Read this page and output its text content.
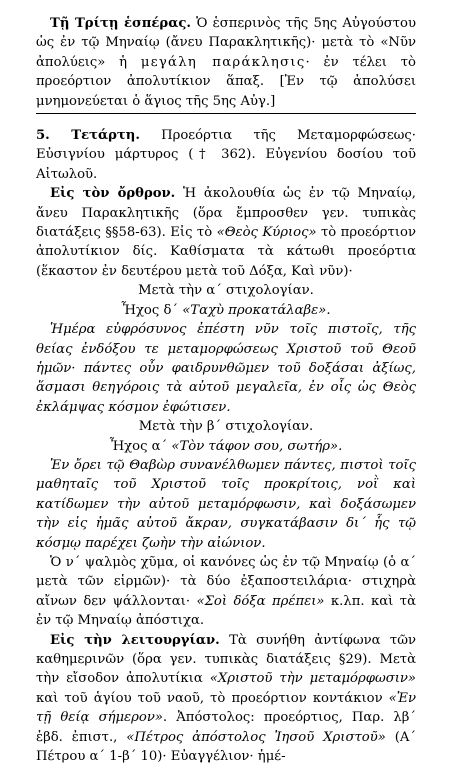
Τῇ Τρίτῃ ἑσπέρας. Ὁ ἑσπερινὸς τῆς 5ης Αὐγούστου ὡς ἐν τῷ Μηναίῳ (ἄνευ Παρακλητικῆς)· μετὰ τὸ «Νῦν ἀπολύεις» ἡ μεγάλη παράκλησις· ἐν τέλει τὸ προεόρτιον ἀπολυτίκιον ἅπαξ. [Ἐν τῷ ἀπολύσει μνημονεύεται ὁ ἅγιος τῆς 5ης Αὐγ.]

5. Τετάρτη. Προεόρτια τῆς Μεταμορφώσεως· Εὐσιγνίου μάρτυρος († 362). Εὐγενίου δοσίου τοῦ Αἰτωλοῦ.

Εἰς τὸν ὄρθρον. Ἡ ἀκολουθία ὡς ἐν τῷ Μηναίῳ, ἄνευ Παρακλητικῆς (ὅρα ἔμπροσθεν γεν. τυπικὰς διατάξεις §§58-63). Εἰς τὸ «Θεὸς Κύριος» τὸ προεόρτιον ἀπολυτίκιον δίς. Καθίσματα τὰ κάτωθι προεόρτια (ἕκαστον ἐν δευτέρου μετὰ τοῦ Δόξα, Καὶ νῦν)·

Μετὰ τὴν α΄ στιχολογίαν.

Ἦχος δ΄ «Ταχὺ προκατάλαβε».

Ἡμέρα εὐφρόσυνος ἐπέστη νῦν τοῖς πιστοῖς, τῆς θείας ἐνδόξου τε μεταμορφώσεως Χριστοῦ τοῦ Θεοῦ ἡμῶν· πάντες οὖν φαιδρυνθῶμεν τοῦ δοξάσαι ἀξίως, ἅσμασι θεηγόροις τὰ αὐτοῦ μεγαλεῖα, ἐν οἷς ὡς Θεὸς ἐκλάμψας κόσμον ἐφώτισεν.

Μετὰ τὴν β΄ στιχολογίαν.

Ἦχος α΄ «Τὸν τάφον σου, σωτήρ».

Ἐν ὄρει τῷ Θαβὼρ συνανέλθωμεν πάντες, πιστοὶ τοῖς μαθηταῖς τοῦ Χριστοῦ τοῖς προκρίτοις, νοῒ καὶ κατίδωμεν τὴν αὐτοῦ μεταμόρφωσιν, καὶ δοξάσωμεν τὴν εἰς ἡμᾶς αὐτοῦ ἄκραν, συγκατάβασιν δι΄ ἧς τῷ κόσμῳ παρέχει ζωὴν τὴν αἰώνιον.

Ὁ ν΄ ψαλμὸς χῦμα, οἱ κανόνες ὡς ἐν τῷ Μηναίῳ (ὁ α΄ μετὰ τῶν εἱρμῶν)· τὰ δύο ἐξαποστειλάρια· στιχηρὰ αἴνων δεν ψάλλονται· «Σοὶ δόξα πρέπει» κ.λπ. καὶ τὰ ἐν τῷ Μηναίῳ ἀπόστιχα.

Εἰς τὴν λειτουργίαν. Τὰ συνήθη ἀντίφωνα τῶν καθημερινῶν (ὅρα γεν. τυπικὰς διατάξεις §29). Μετὰ τὴν εἴσοδον ἀπολυτίκια «Χριστοῦ τὴν μεταμόρφωσιν» καὶ τοῦ ἁγίου τοῦ ναοῦ, τὸ προεόρτιον κοντάκιον «Ἐν τῇ θείᾳ σήμερον». Ἀπόστολος: προεόρτιος, Παρ. λβ΄ ἑβδ. ἐπιστ., «Πέτρος ἀπόστολος Ἰησοῦ Χριστοῦ» (Α΄ Πέτρου α΄ 1-β΄ 10)· Εὐαγγέλιον· ἡμέ-
